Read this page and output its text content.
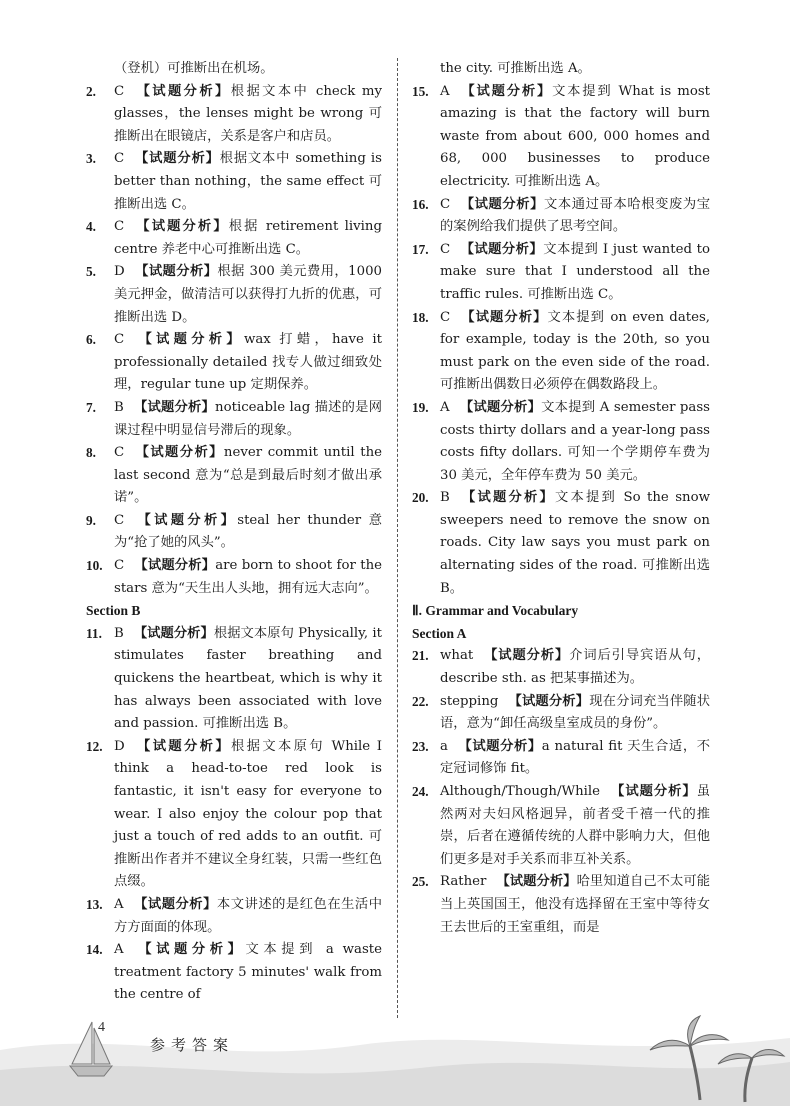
（登机）可推断出在机场。
2. C 【试题分析】根据文本中 check my glasses，the lenses might be wrong 可推断出在眼镜店，关系是客户和店员。
3. C 【试题分析】根据文本中 something is better than nothing，the same effect 可推断出选 C。
4. C 【试题分析】根据 retirement living centre 养老中心可推断出选 C。
5. D 【试题分析】根据 300 美元费用，1000 美元押金，做清洁可以获得打九折的优惠，可推断出选 D。
6. C 【试题分析】wax 打蜡，have it professionally detailed 找专人做过细致处理，regular tune up 定期保养。
7. B 【试题分析】noticeable lag 描述的是网课过程中明显信号滞后的现象。
8. C 【试题分析】never commit until the last second 意为“总是到最后时刻才做出承诺”。
9. C 【试题分析】steal her thunder 意为“抢了她的风头”。
10. C 【试题分析】are born to shoot for the stars 意为“天生出人头地，拥有远大志向”。
Section B
11. B 【试题分析】根据文本原句 Physically, it stimulates faster breathing and quickens the heartbeat, which is why it has always been associated with love and passion. 可推断出选 B。
12. D 【试题分析】根据文本原句 While I think a head-to-toe red look is fantastic, it isn't easy for everyone to wear. I also enjoy the colour pop that just a touch of red adds to an outfit. 可推断出作者并不建议全身红装，只需一些红色点缀。
13. A 【试题分析】本文讲述的是红色在生活中方方面面的体现。
14. A 【试题分析】文本提到 a waste treatment factory 5 minutes' walk from the centre of
the city. 可推断出选 A。
15. A 【试题分析】文本提到 What is most amazing is that the factory will burn waste from about 600, 000 homes and 68, 000 businesses to produce electricity. 可推断出选 A。
16. C 【试题分析】文本通过哥本哈根变废为宝的案例给我们提供了思考空间。
17. C 【试题分析】文本提到 I just wanted to make sure that I understood all the traffic rules. 可推断出选 C。
18. C 【试题分析】文本提到 on even dates, for example, today is the 20th, so you must park on the even side of the road. 可推断出偶数日必须停在偶数路段上。
19. A 【试题分析】文本提到 A semester pass costs thirty dollars and a year-long pass costs fifty dollars. 可知一个学期停车费为 30 美元，全年停车费为 50 美元。
20. B 【试题分析】文本提到 So the snow sweepers need to remove the snow on roads. City law says you must park on alternating sides of the road. 可推断出选 B。
Ⅱ. Grammar and Vocabulary
Section A
21. what 【试题分析】介词后引导宾语从句，describe sth. as 把某事描述为。
22. stepping 【试题分析】现在分词充当伴随状语，意为“卸任高级皇室成员的身份”。
23. a 【试题分析】a natural fit 天生合适，不定冠词修饰 fit。
24. Although/Though/While 【试题分析】虽然两对夫妇风格迥异，前者受千禧一代的推崇，后者在遵循传统的人群中影响力大，但他们更多是对手关系而非互补关系。
25. Rather 【试题分析】哈里知道自己不太可能当上英国国王，他没有选择留在王室中等待女王去世后的王室重组，而是
4
参考答案
